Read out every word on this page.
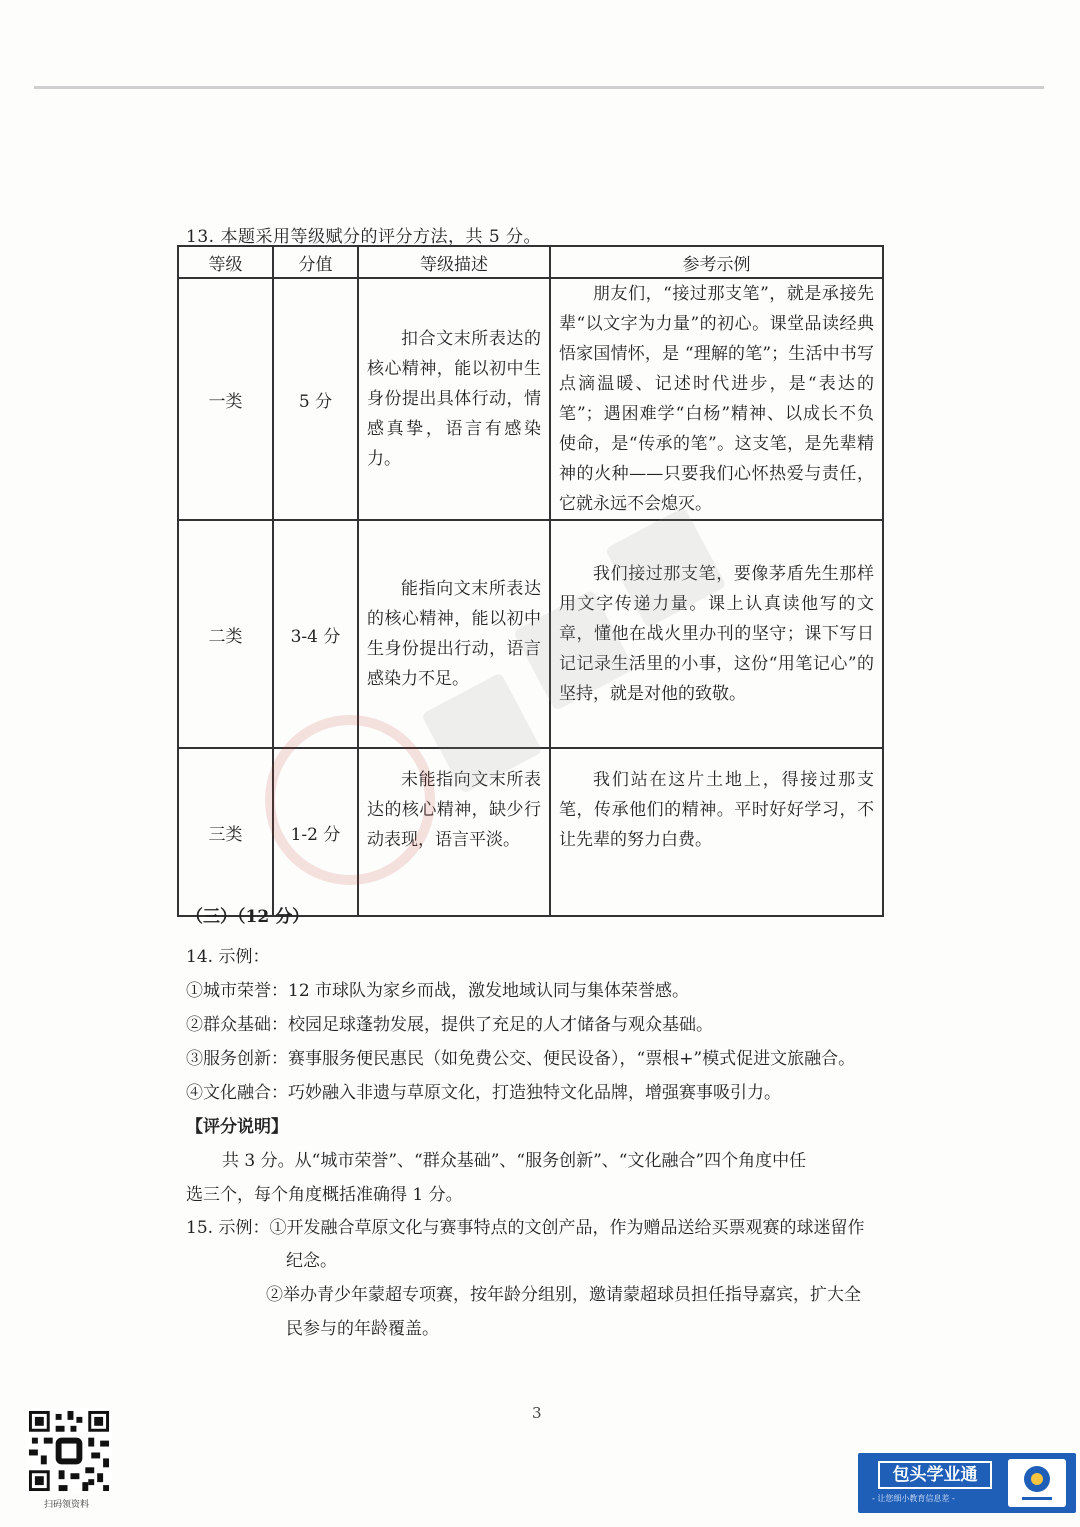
13. 本题采用等级赋分的评分方法，共 5 分。
等级	分值	等级描述	参考示例
一类	5 分	扣合文末所表达的核心精神，能以初中生身份提出具体行动，情感真挚，语言有感染力。	朋友们，“接过那支笔”，就是承接先辈“以文字为力量”的初心。课堂品读经典悟家国情怀，是 “理解的笔”；生活中书写点滴温暖、记述时代进步，是“表达的笔”；遇困难学“白杨”精神、以成长不负使命，是“传承的笔”。这支笔，是先辈精神的火种——只要我们心怀热爱与责任，它就永远不会熄灭。

二类	3-4 分	能指向文末所表达的核心精神，能以初中生身份提出行动，语言感染力不足。	我们接过那支笔，要像茅盾先生那样用文字传递力量。课上认真读他写的文章，懂他在战火里办刊的坚守；课下写日记记录生活里的小事，这份“用笔记心”的坚持，就是对他的致敬。

三类	1-2 分	未能指向文末所表达的核心精神，缺少行动表现，语言平淡。	我们站在这片土地上，得接过那支笔，传承他们的精神。平时好好学习，不让先辈的努力白费。
（三）（12 分）
14. 示例：
①城市荣誉：12 市球队为家乡而战，激发地域认同与集体荣誉感。
②群众基础：校园足球蓬勃发展，提供了充足的人才储备与观众基础。
③服务创新：赛事服务便民惠民（如免费公交、便民设备），“票根+”模式促进文旅融合。
④文化融合：巧妙融入非遗与草原文化，打造独特文化品牌，增强赛事吸引力。
【评分说明】
共 3 分。从“城市荣誉”、“群众基础”、“服务创新”、“文化融合”四个角度中任
选三个，每个角度概括准确得 1 分。
15. 示例：①开发融合草原文化与赛事特点的文创产品，作为赠品送给买票观赛的球迷留作
纪念。
②举办青少年蒙超专项赛，按年龄分组别，邀请蒙超球员担任指导嘉宾，扩大全
民参与的年龄覆盖。
3
扫码领资料
包头学业通
- 让您细小教育信息差 -
